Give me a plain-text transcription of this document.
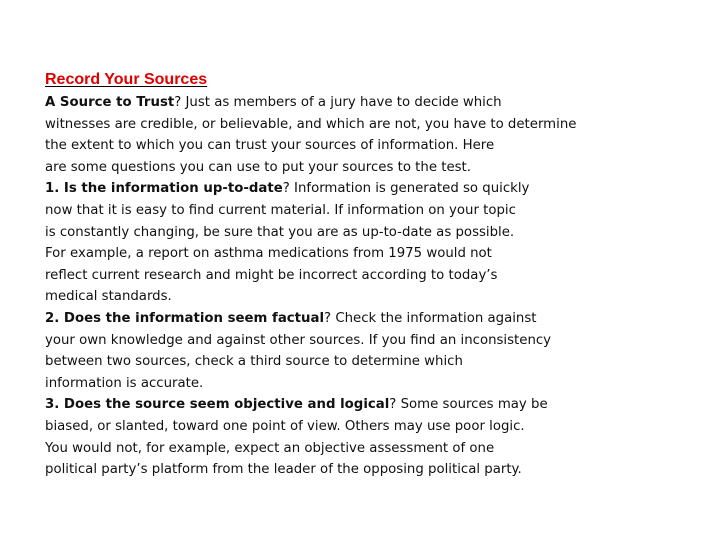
Record Your Sources
A Source to Trust? Just as members of a jury have to decide which
witnesses are credible, or believable, and which are not, you have to determine
the extent to which you can trust your sources of information. Here
are some questions you can use to put your sources to the test.
1. Is the information up-to-date? Information is generated so quickly
now that it is easy to find current material. If information on your topic
is constantly changing, be sure that you are as up-to-date as possible.
For example, a report on asthma medications from 1975 would not
reflect current research and might be incorrect according to today’s
medical standards.
2. Does the information seem factual? Check the information against
your own knowledge and against other sources. If you find an inconsistency
between two sources, check a third source to determine which
information is accurate.
3. Does the source seem objective and logical? Some sources may be
biased, or slanted, toward one point of view. Others may use poor logic.
You would not, for example, expect an objective assessment of one
political party’s platform from the leader of the opposing political party.
